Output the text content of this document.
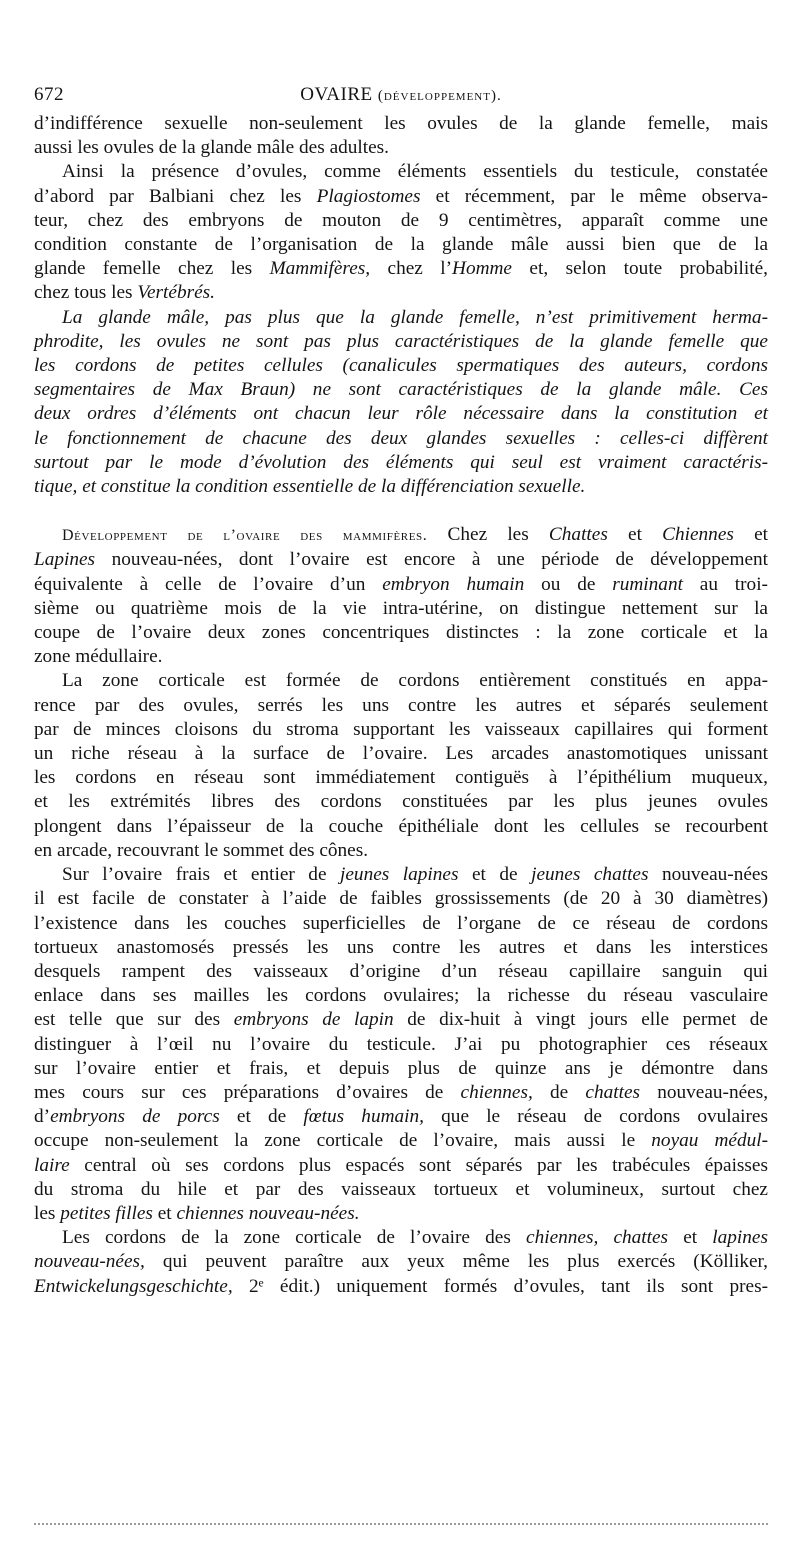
672	OVAIRE (développement).

d’indifférence sexuelle non-seulement les ovules de la glande femelle, mais
aussi les ovules de la glande mâle des adultes.

Ainsi la présence d’ovules, comme éléments essentiels du testicule, constatée
d’abord par Balbiani chez les Plagiostomes et récemment, par le même observa-
teur, chez des embryons de mouton de 9 centimètres, apparaît comme une
condition constante de l’organisation de la glande mâle aussi bien que de la
glande femelle chez les Mammifères, chez l’Homme et, selon toute probabilité,
chez tous les Vertébrés.

La glande mâle, pas plus que la glande femelle, n’est primitivement herma-
phrodite, les ovules ne sont pas plus caractéristiques de la glande femelle que
les cordons de petites cellules (canalicules spermatiques des auteurs, cordons
segmentaires de Max Braun) ne sont caractéristiques de la glande mâle. Ces
deux ordres d’éléments ont chacun leur rôle nécessaire dans la constitution et
le fonctionnement de chacune des deux glandes sexuelles : celles-ci diffèrent
surtout par le mode d’évolution des éléments qui seul est vraiment caractéris-
tique, et constitue la condition essentielle de la différenciation sexuelle.

Développement de l’ovaire des mammifères. Chez les Chattes et Chiennes et
Lapines nouveau-nées, dont l’ovaire est encore à une période de développement
équivalente à celle de l’ovaire d’un embryon humain ou de ruminant au troi-
sième ou quatrième mois de la vie intra-utérine, on distingue nettement sur la
coupe de l’ovaire deux zones concentriques distinctes : la zone corticale et la
zone médullaire.

La zone corticale est formée de cordons entièrement constitués en appa-
rence par des ovules, serrés les uns contre les autres et séparés seulement
par de minces cloisons du stroma supportant les vaisseaux capillaires qui forment
un riche réseau à la surface de l’ovaire. Les arcades anastomotiques unissant
les cordons en réseau sont immédiatement contiguës à l’épithélium muqueux,
et les extrémités libres des cordons constituées par les plus jeunes ovules
plongent dans l’épaisseur de la couche épithéliale dont les cellules se recourbent
en arcade, recouvrant le sommet des cônes.

Sur l’ovaire frais et entier de jeunes lapines et de jeunes chattes nouveau-nées
il est facile de constater à l’aide de faibles grossissements (de 20 à 30 diamètres)
l’existence dans les couches superficielles de l’organe de ce réseau de cordons
tortueux anastomosés pressés les uns contre les autres et dans les interstices
desquels rampent des vaisseaux d’origine d’un réseau capillaire sanguin qui
enlace dans ses mailles les cordons ovulaires; la richesse du réseau vasculaire
est telle que sur des embryons de lapin de dix-huit à vingt jours elle permet de
distinguer à l’œil nu l’ovaire du testicule. J’ai pu photographier ces réseaux
sur l’ovaire entier et frais, et depuis plus de quinze ans je démontre dans
mes cours sur ces préparations d’ovaires de chiennes, de chattes nouveau-nées,
d’embryons de porcs et de fœtus humain, que le réseau de cordons ovulaires
occupe non-seulement la zone corticale de l’ovaire, mais aussi le noyau médul-
laire central où ses cordons plus espacés sont séparés par les trabécules épaisses
du stroma du hile et par des vaisseaux tortueux et volumineux, surtout chez
les petites filles et chiennes nouveau-nées.

Les cordons de la zone corticale de l’ovaire des chiennes, chattes et lapines
nouveau-nées, qui peuvent paraître aux yeux même les plus exercés (Kölliker,
Entwickelungsgeschichte, 2ᵉ édit.) uniquement formés d’ovules, tant ils sont pres-
